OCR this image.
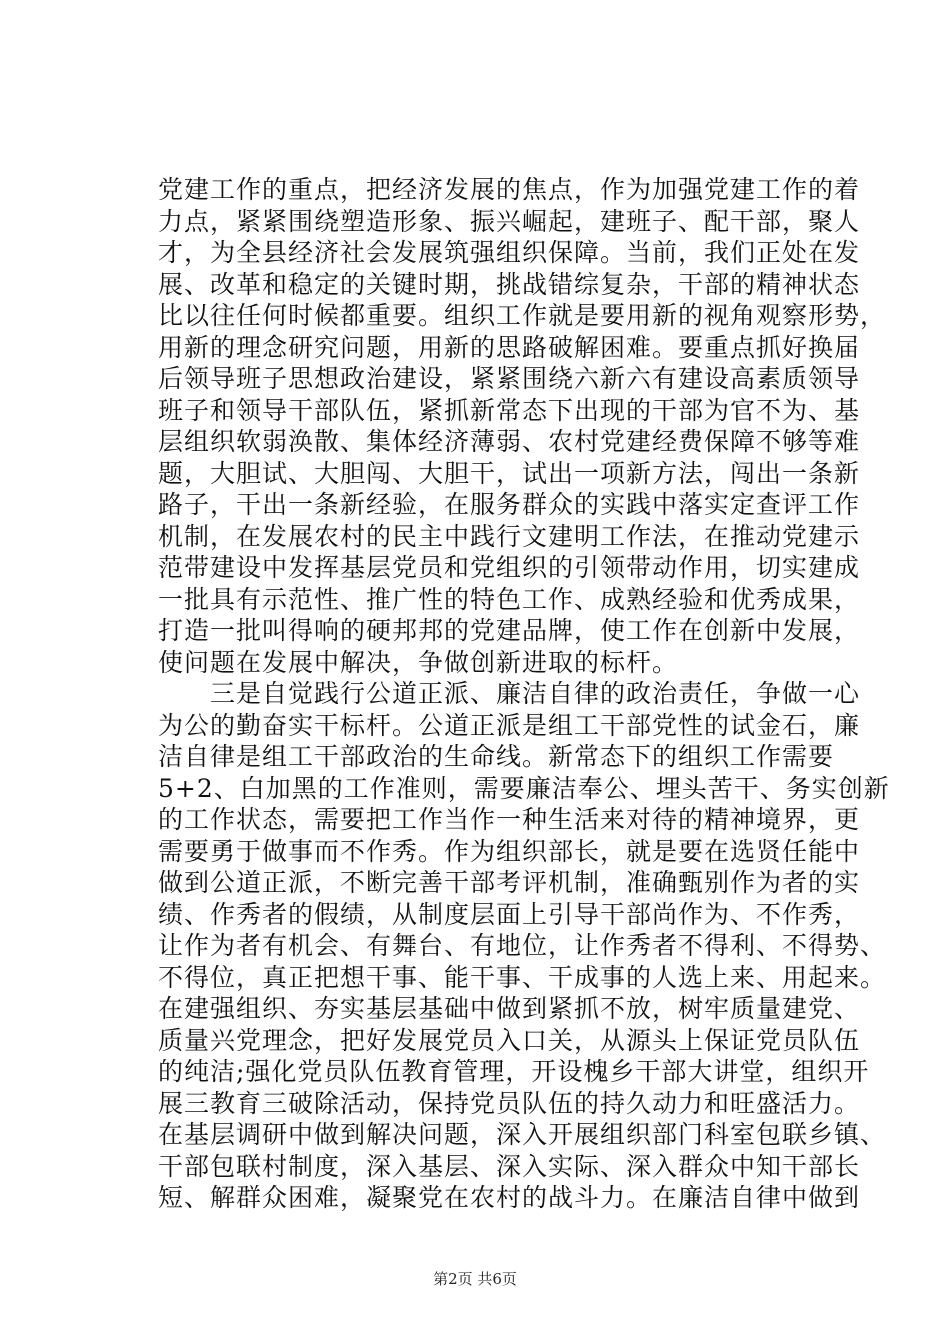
党建工作的重点，把经济发展的焦点，作为加强党建工作的着
力点，紧紧围绕塑造形象、振兴崛起，建班子、配干部，聚人
才，为全县经济社会发展筑强组织保障。当前，我们正处在发
展、改革和稳定的关键时期，挑战错综复杂，干部的精神状态
比以往任何时候都重要。组织工作就是要用新的视角观察形势，
用新的理念研究问题，用新的思路破解困难。要重点抓好换届
后领导班子思想政治建设，紧紧围绕六新六有建设高素质领导
班子和领导干部队伍，紧抓新常态下出现的干部为官不为、基
层组织软弱涣散、集体经济薄弱、农村党建经费保障不够等难
题，大胆试、大胆闯、大胆干，试出一项新方法，闯出一条新
路子，干出一条新经验，在服务群众的实践中落实定查评工作
机制，在发展农村的民主中践行文建明工作法，在推动党建示
范带建设中发挥基层党员和党组织的引领带动作用，切实建成
一批具有示范性、推广性的特色工作、成熟经验和优秀成果，
打造一批叫得响的硬邦邦的党建品牌，使工作在创新中发展，
使问题在发展中解决，争做创新进取的标杆。
　　三是自觉践行公道正派、廉洁自律的政治责任，争做一心
为公的勤奋实干标杆。公道正派是组工干部党性的试金石，廉
洁自律是组工干部政治的生命线。新常态下的组织工作需要
5+2、白加黑的工作准则，需要廉洁奉公、埋头苦干、务实创新
的工作状态，需要把工作当作一种生活来对待的精神境界，更
需要勇于做事而不作秀。作为组织部长，就是要在选贤任能中
做到公道正派，不断完善干部考评机制，准确甄别作为者的实
绩、作秀者的假绩，从制度层面上引导干部尚作为、不作秀，
让作为者有机会、有舞台、有地位，让作秀者不得利、不得势、
不得位，真正把想干事、能干事、干成事的人选上来、用起来。
在建强组织、夯实基层基础中做到紧抓不放，树牢质量建党、
质量兴党理念，把好发展党员入口关，从源头上保证党员队伍
的纯洁;强化党员队伍教育管理，开设槐乡干部大讲堂，组织开
展三教育三破除活动，保持党员队伍的持久动力和旺盛活力。
在基层调研中做到解决问题，深入开展组织部门科室包联乡镇、
干部包联村制度，深入基层、深入实际、深入群众中知干部长
短、解群众困难，凝聚党在农村的战斗力。在廉洁自律中做到
第2页 共6页
